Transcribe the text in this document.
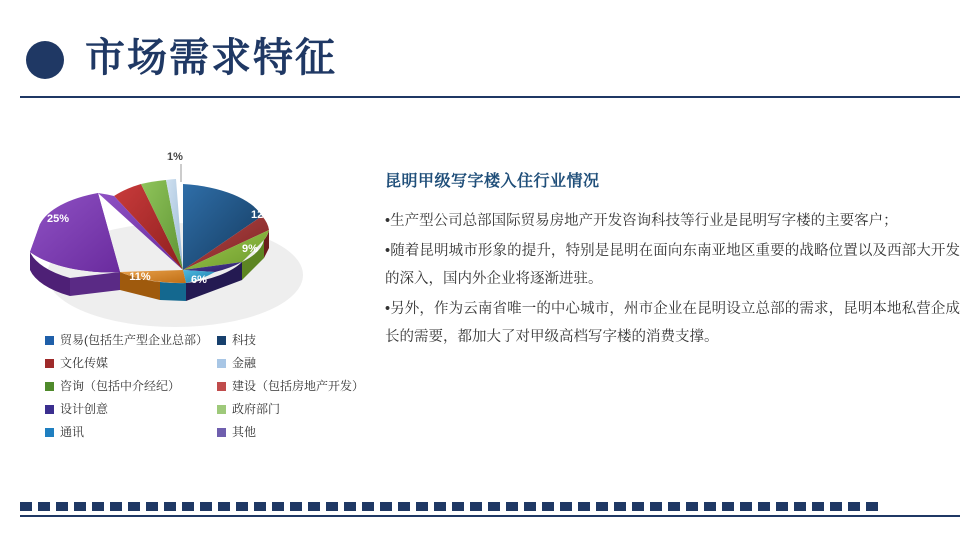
市场需求特征
1%
5%
7%
25%
11%	6%
9%
12%
9%
15%
贸易(包括生产型企业总部） 科技
文化传媒	金融
咨询（包括中介经纪）	建设（包括房地产开发）
设计创意	政府部门
通讯	其他
昆明甲级写字楼入住行业情况
•生产型公司总部国际贸易房地产开发咨询科技等行业是昆明写字楼的主要客户；
•随着昆明城市形象的提升，特别是昆明在面向东南亚地区重要的战略位置以及西部大开发的深入，国内外企业将逐渐进驻。
•另外，作为云南省唯一的中心城市，州市企业在昆明设立总部的需求，昆明本地私营企成长的需要，都加大了对甲级高档写字楼的消费支撑。
